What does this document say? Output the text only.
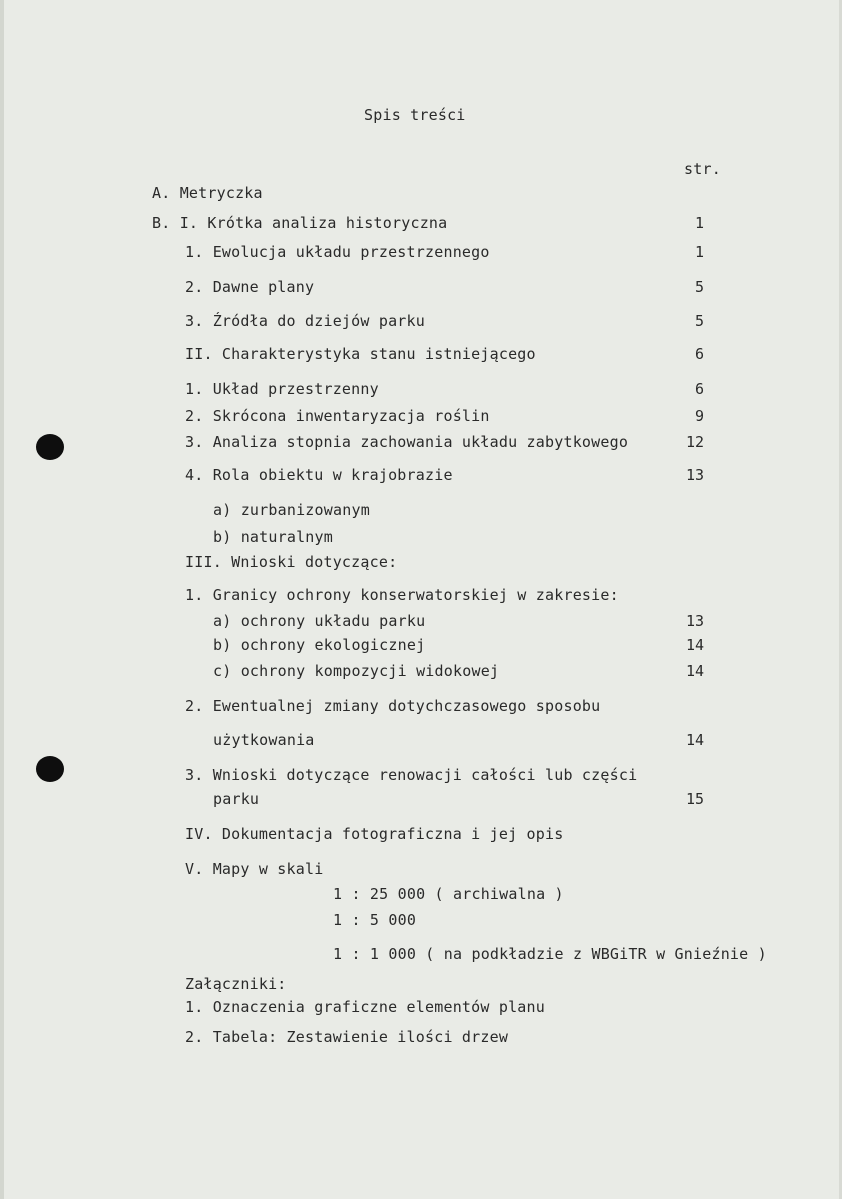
Spis treści
str.
A. Metryczka
B. I. Krótka analiza historyczna	1
1. Ewolucja układu przestrzennego	1
2. Dawne plany	5
3. Źródła do dziejów parku	5
II. Charakterystyka stanu istniejącego	6
1. Układ przestrzenny	6
2. Skrócona inwentaryzacja roślin	9
3. Analiza stopnia zachowania układu zabytkowego	12
4. Rola obiektu w krajobrazie	13
a) zurbanizowanym
b) naturalnym
III. Wnioski dotyczące:
1. Granicy ochrony konserwatorskiej w zakresie:
a) ochrony układu parku	13
b) ochrony ekologicznej	14
c) ochrony kompozycji widokowej	14
2. Ewentualnej zmiany dotychczasowego sposobu
użytkowania	14
3. Wnioski dotyczące renowacji całości lub części
parku	15
IV. Dokumentacja fotograficzna i jej opis
V. Mapy w skali
1 : 25 000 ( archiwalna )
1 : 5 000
1 : 1 000 ( na podkładzie z WBGiTR w Gnieźnie )
Załączniki:
1. Oznaczenia graficzne elementów planu
2. Tabela: Zestawienie ilości drzew
